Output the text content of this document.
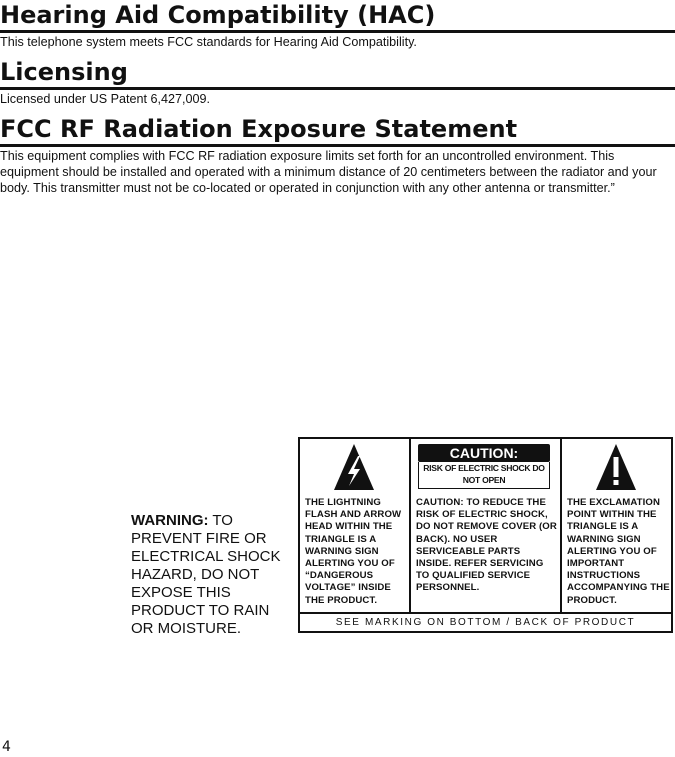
Hearing Aid Compatibility (HAC)
This telephone system meets FCC standards for Hearing Aid Compatibility.
Licensing
Licensed under US Patent 6,427,009.
FCC RF Radiation Exposure Statement
This equipment complies with FCC RF radiation exposure limits set forth for an uncontrolled environment. This equipment should be installed and operated with a minimum distance of 20 centimeters between the radiator and your body. This transmitter must not be co-located or operated in conjunction with any other antenna or transmitter.”
WARNING: TO PREVENT FIRE OR ELECTRICAL SHOCK HAZARD, DO NOT EXPOSE THIS PRODUCT TO RAIN OR MOISTURE.
THE LIGHTNING FLASH AND ARROW HEAD WITHIN THE TRIANGLE IS A WARNING SIGN ALERTING YOU OF “DANGEROUS VOLTAGE” INSIDE THE PRODUCT.
CAUTION:
RISK OF ELECTRIC SHOCK DO NOT OPEN
CAUTION: TO REDUCE THE RISK OF ELECTRIC SHOCK, DO NOT REMOVE COVER (OR BACK). NO USER SERVICEABLE PARTS INSIDE. REFER SERVICING TO QUALIFIED SERVICE PERSONNEL.
THE EXCLAMATION POINT WITHIN THE TRIANGLE IS A WARNING SIGN ALERTING YOU OF IMPORTANT INSTRUCTIONS ACCOMPANYING THE PRODUCT.
SEE MARKING ON BOTTOM / BACK OF PRODUCT
4
